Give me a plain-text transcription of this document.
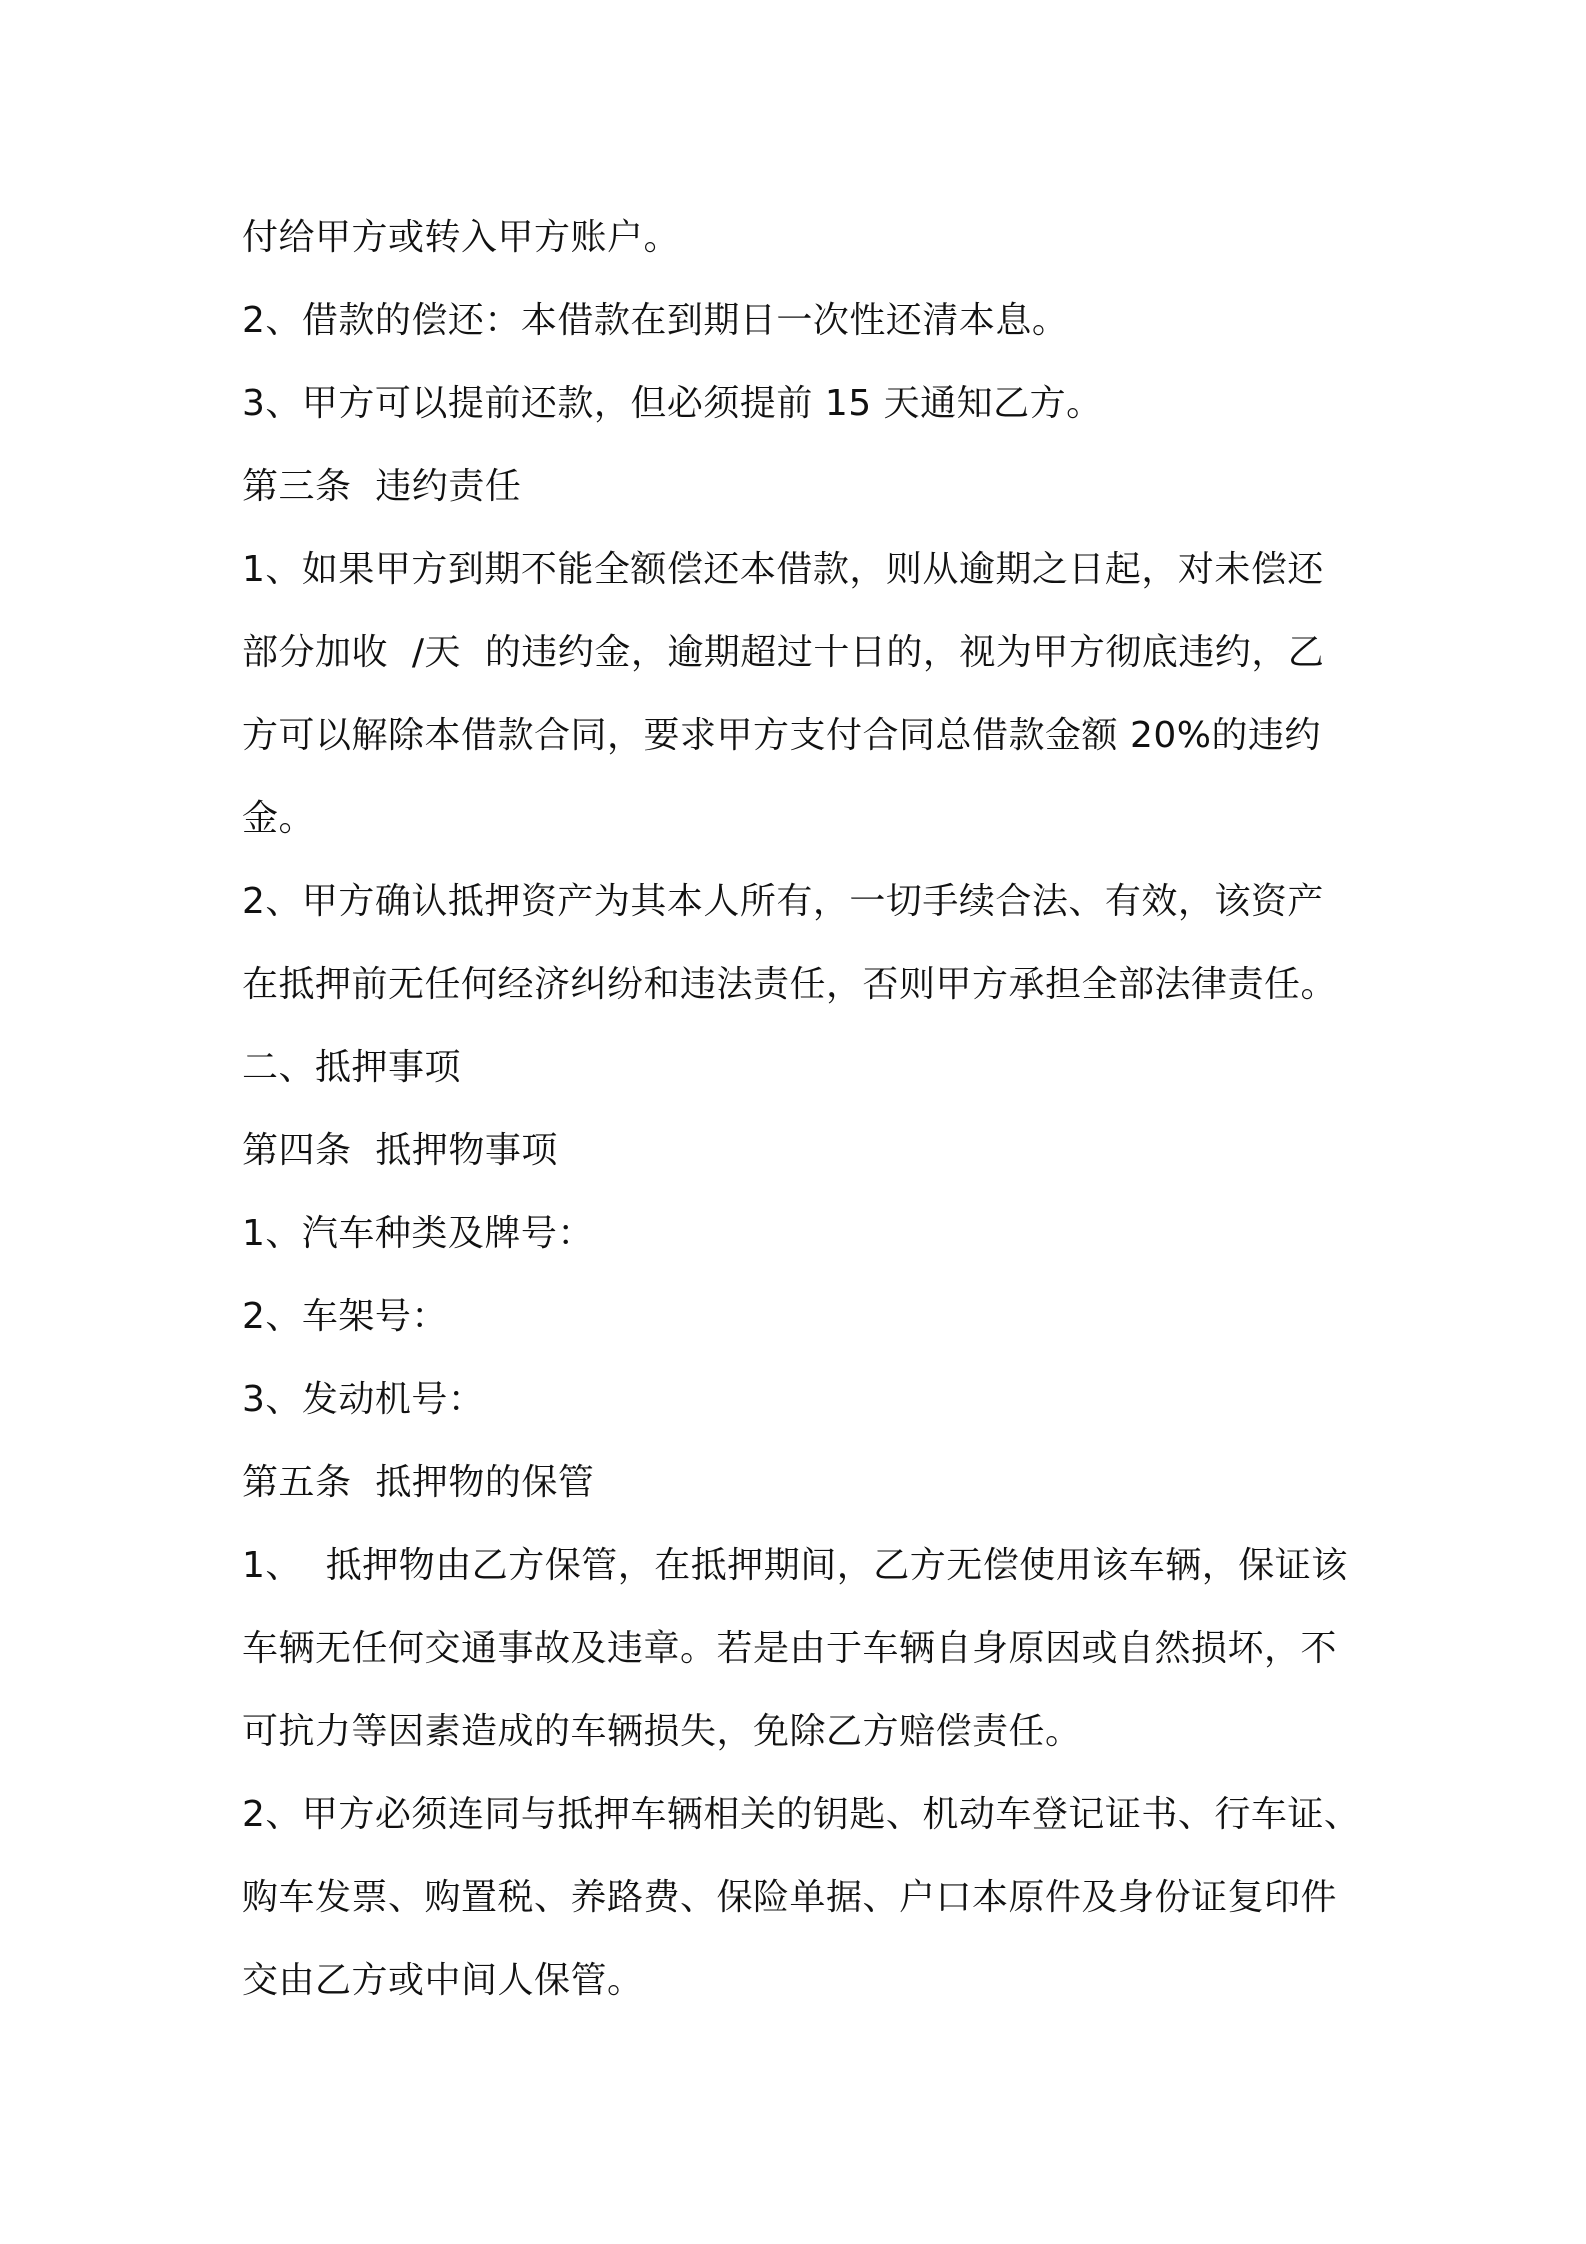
付给甲方或转入甲方账户。
2、借款的偿还：本借款在到期日一次性还清本息。
3、甲方可以提前还款，但必须提前 15 天通知乙方。
第三条  违约责任
1、如果甲方到期不能全额偿还本借款，则从逾期之日起，对未偿还
部分加收  /天  的违约金，逾期超过十日的，视为甲方彻底违约，乙
方可以解除本借款合同，要求甲方支付合同总借款金额 20%的违约
金。
2、甲方确认抵押资产为其本人所有，一切手续合法、有效，该资产
在抵押前无任何经济纠纷和违法责任，否则甲方承担全部法律责任。
二、抵押事项
第四条  抵押物事项
1、汽车种类及牌号：
2、车架号：
3、发动机号：
第五条  抵押物的保管
1、  抵押物由乙方保管，在抵押期间，乙方无偿使用该车辆，保证该
车辆无任何交通事故及违章。若是由于车辆自身原因或自然损坏，不
可抗力等因素造成的车辆损失，免除乙方赔偿责任。
2、甲方必须连同与抵押车辆相关的钥匙、机动车登记证书、行车证、
购车发票、购置税、养路费、保险单据、户口本原件及身份证复印件
交由乙方或中间人保管。
